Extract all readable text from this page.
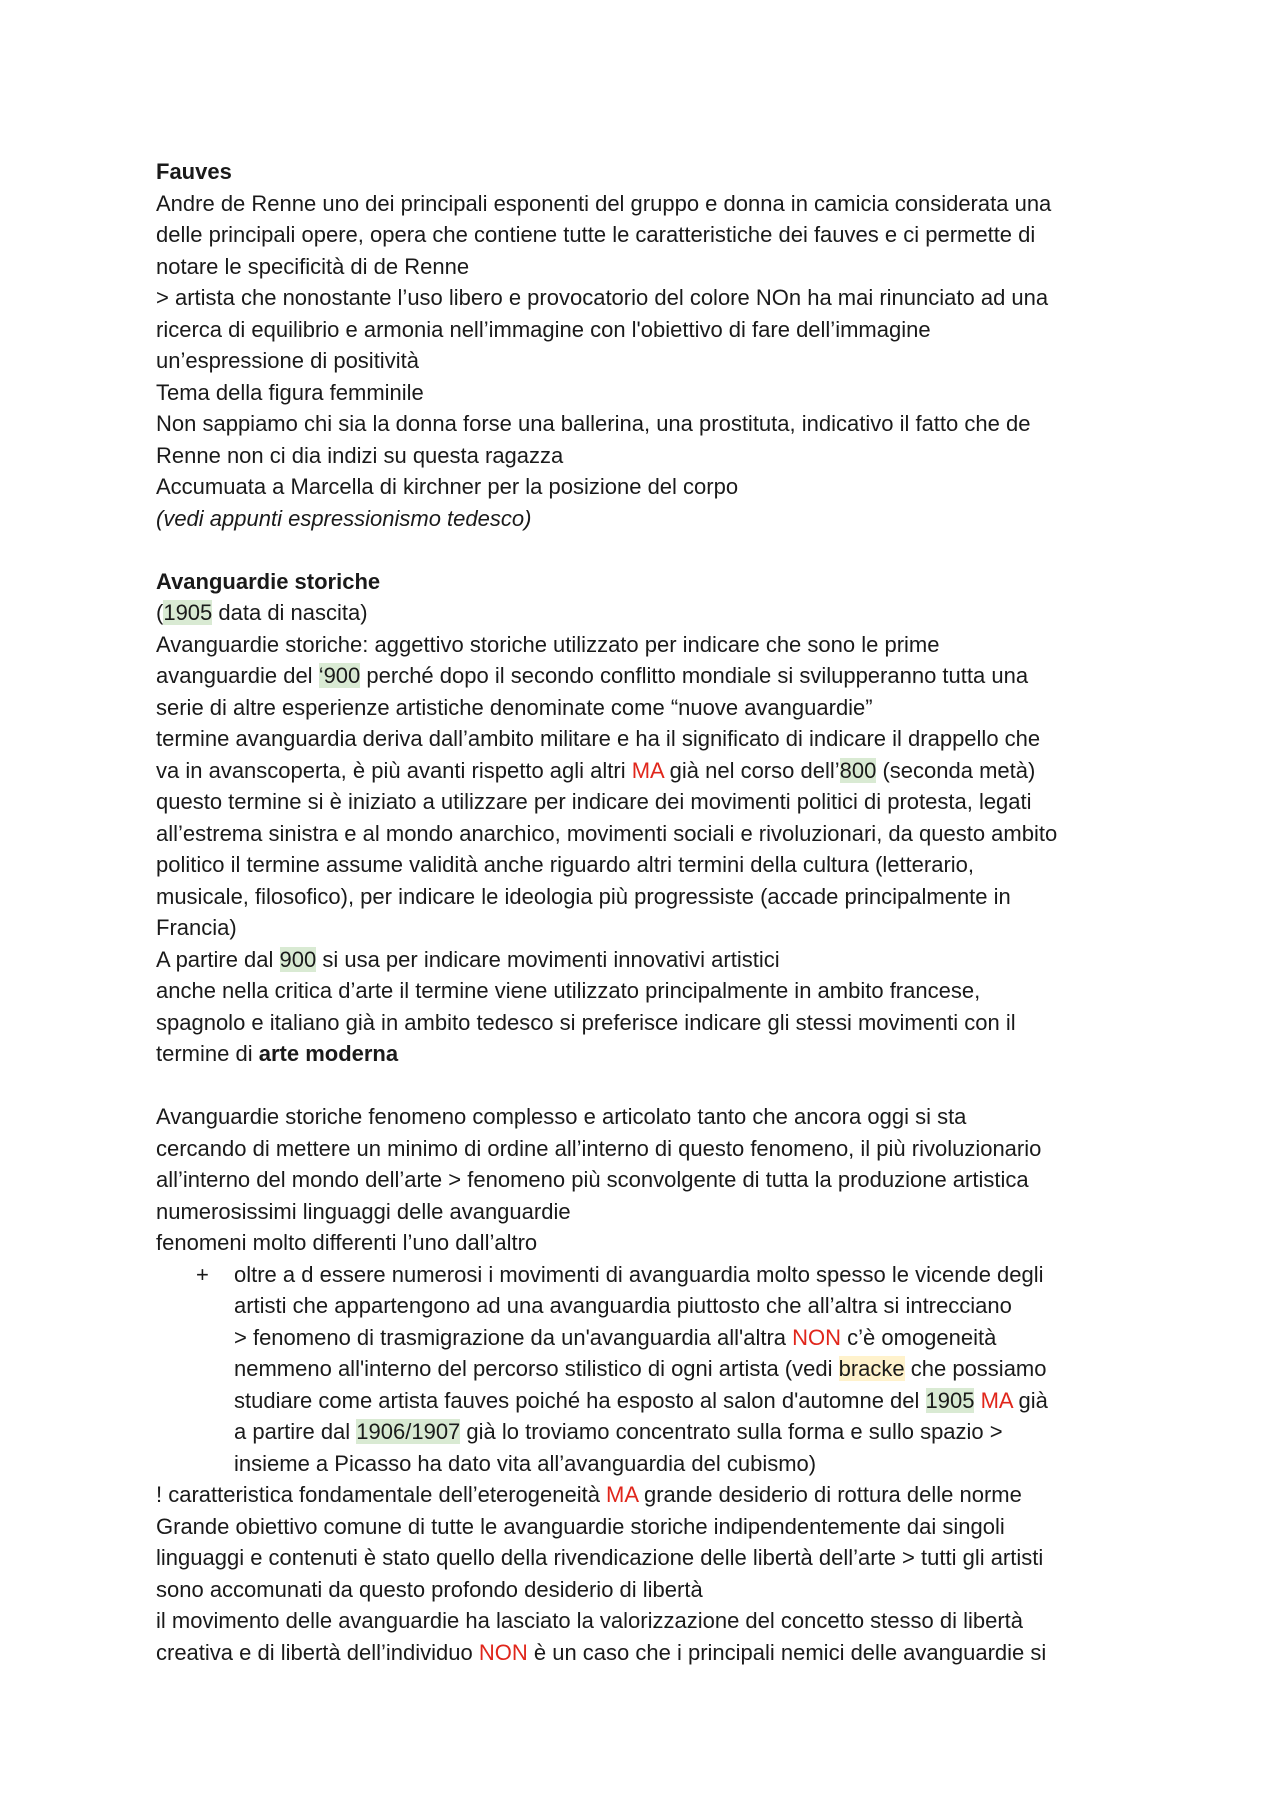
Fauves
Andre de Renne uno dei principali esponenti del gruppo e donna in camicia considerata una
delle principali opere, opera che contiene tutte le caratteristiche dei fauves e ci permette di
notare le specificità di de Renne
> artista che nonostante l’uso libero e provocatorio del colore NOn ha mai rinunciato ad una
ricerca di equilibrio e armonia nell’immagine con l'obiettivo di fare dell’immagine
un’espressione di positività
Tema della figura femminile
Non sappiamo chi sia la donna forse una ballerina, una prostituta, indicativo il fatto che de
Renne non ci dia indizi su questa ragazza
Accumuata a Marcella di kirchner per la posizione del corpo
(vedi appunti espressionismo tedesco)
Avanguardie storiche
(1905 data di nascita)
Avanguardie storiche: aggettivo storiche utilizzato per indicare che sono le prime
avanguardie del ‘900 perché dopo il secondo conflitto mondiale si svilupperanno tutta una
serie di altre esperienze artistiche denominate come “nuove avanguardie”
termine avanguardia deriva dall’ambito militare e ha il significato di indicare il drappello che
va in avanscoperta, è più avanti rispetto agli altri MA già nel corso dell’800 (seconda metà)
questo termine si è iniziato a utilizzare per indicare dei movimenti politici di protesta, legati
all’estrema sinistra e al mondo anarchico, movimenti sociali e rivoluzionari, da questo ambito
politico il termine assume validità anche riguardo altri termini della cultura (letterario,
musicale, filosofico), per indicare le ideologia più progressiste (accade principalmente in
Francia)
A partire dal 900 si usa per indicare movimenti innovativi artistici
anche nella critica d’arte il termine viene utilizzato principalmente in ambito francese,
spagnolo e italiano già in ambito tedesco si preferisce indicare gli stessi movimenti con il
termine di arte moderna
Avanguardie storiche fenomeno complesso e articolato tanto che ancora oggi si sta
cercando di mettere un minimo di ordine all’interno di questo fenomeno, il più rivoluzionario
all’interno del mondo dell’arte > fenomeno più sconvolgente di tutta la produzione artistica
numerosissimi linguaggi delle avanguardie
fenomeni molto differenti l’uno dall’altro
+ oltre a d essere numerosi i movimenti di avanguardia molto spesso le vicende degli
artisti che appartengono ad una avanguardia piuttosto che all’altra si intrecciano
> fenomeno di trasmigrazione da un'avanguardia all'altra NON c’è omogeneità
nemmeno all'interno del percorso stilistico di ogni artista (vedi bracke che possiamo
studiare come artista fauves poiché ha esposto al salon d'automne del 1905 MA già
a partire dal 1906/1907 già lo troviamo concentrato sulla forma e sullo spazio >
insieme a Picasso ha dato vita all’avanguardia del cubismo)
! caratteristica fondamentale dell’eterogeneità MA grande desiderio di rottura delle norme
Grande obiettivo comune di tutte le avanguardie storiche indipendentemente dai singoli
linguaggi e contenuti è stato quello della rivendicazione delle libertà dell’arte > tutti gli artisti
sono accomunati da questo profondo desiderio di libertà
il movimento delle avanguardie ha lasciato la valorizzazione del concetto stesso di libertà
creativa e di libertà dell’individuo NON è un caso che i principali nemici delle avanguardie si
